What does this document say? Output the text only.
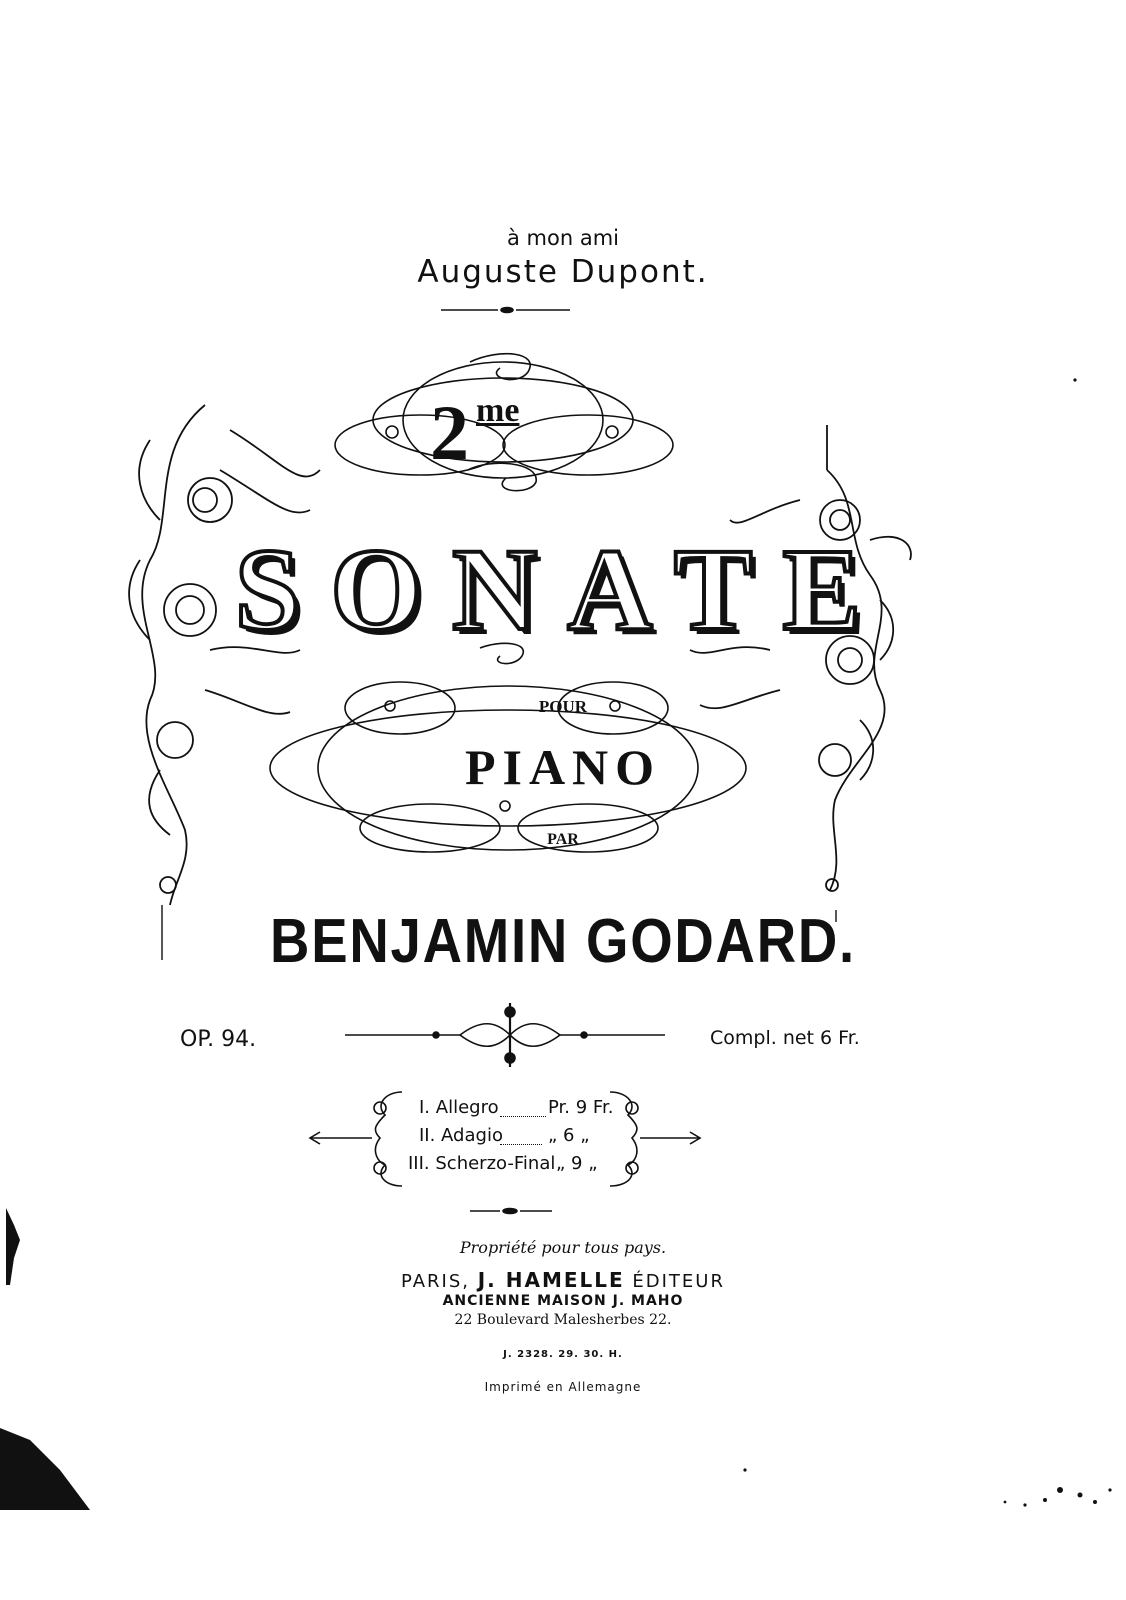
à mon ami
Auguste Dupont.
2 me
SONATE
POUR
PIANO
PAR
BENJAMIN GODARD.
OP. 94.	Compl. net 6 Fr.
I. Allegro	Pr. 9 Fr.
II. Adagio	„ 6 „
III. Scherzo-Final „ 9 „
Propriété pour tous pays.
PARIS, J. HAMELLE ÉDITEUR
ANCIENNE MAISON J. MAHO
22 Boulevard Malesherbes 22.
J. 2328. 29. 30. H.
Imprimé en Allemagne
